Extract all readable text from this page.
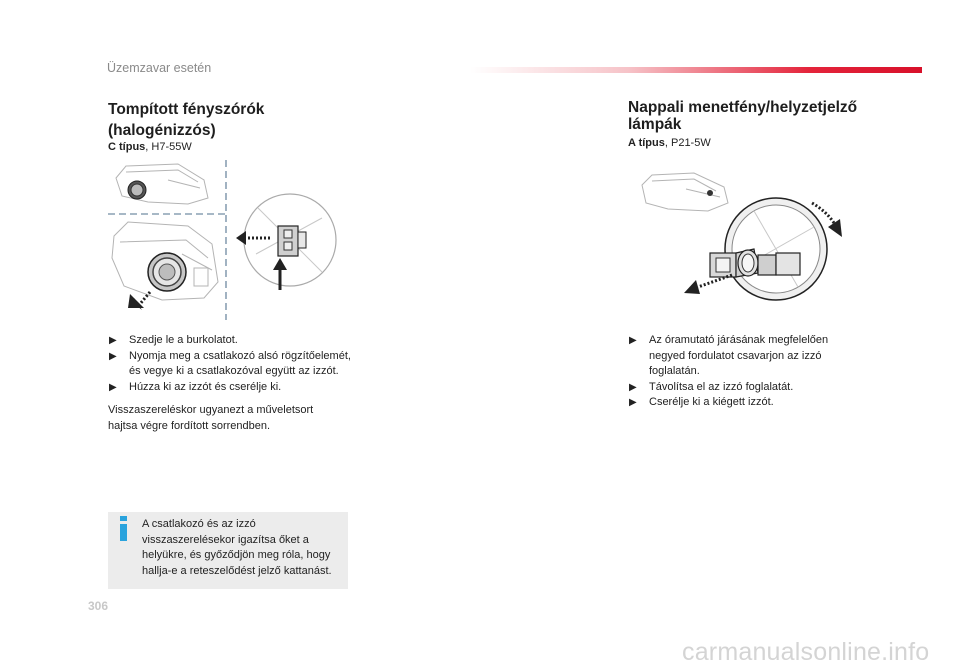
Üzemzavar esetén
Tompított fényszórók
(halogénizzós)
C típus, H7-55W
▶ Szedje le a burkolatot.
▶ Nyomja meg a csatlakozó alsó rögzítőelemét, és vegye ki a csatlakozóval együtt az izzót.
▶ Húzza ki az izzót és cserélje ki.
Visszaszereléskor ugyanezt a műveletsort hajtsa végre fordított sorrendben.
A csatlakozó és az izzó visszaszerelésekor igazítsa őket a helyükre, és győződjön meg róla, hogy hallja-e a reteszelődést jelző kattanást.
Nappali menetfény/helyzetjelző
lámpák
A típus, P21-5W
▶ Az óramutató járásának megfelelően negyed fordulatot csavarjon az izzó foglalatán.
▶ Távolítsa el az izzó foglalatát.
▶ Cserélje ki a kiégett izzót.
306
carmanualsonline.info
